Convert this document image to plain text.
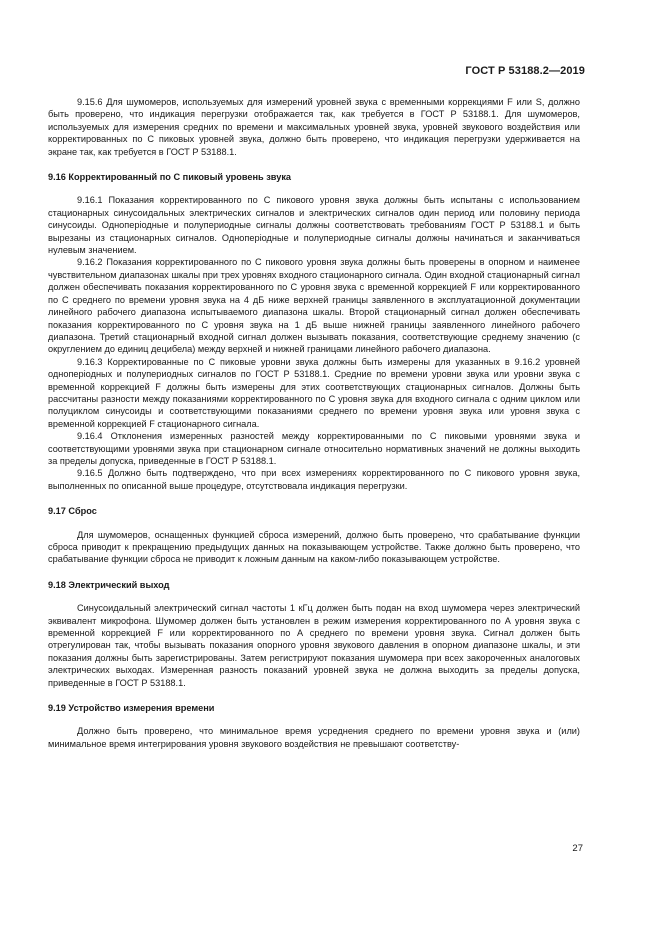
ГОСТ Р 53188.2—2019

9.15.6 Для шумомеров, используемых для измерений уровней звука с временными коррекциями F или S, должно быть проверено, что индикация перегрузки отображается так, как требуется в ГОСТ Р 53188.1. Для шумомеров, используемых для измерения средних по времени и максимальных уровней звука, уровней звукового воздействия или корректированных по С пиковых уровней звука, должно быть проверено, что индикация перегрузки удерживается на экране так, как требуется в ГОСТ Р 53188.1.

9.16 Корректированный по С пиковый уровень звука

9.16.1 Показания корректированного по С пикового уровня звука должны быть испытаны с использованием стационарных синусоидальных электрических сигналов и электрических сигналов один период или половину периода синусоиды. Одноперіодные и полупериодные сигналы должны соответствовать требованиям ГОСТ Р 53188.1 и быть вырезаны из стационарных сигналов. Одноперіодные и полупериодные сигналы должны начинаться и заканчиваться нулевым значением.

9.16.2 Показания корректированного по С пикового уровня звука должны быть проверены в опорном и наименее чувствительном диапазонах шкалы при трех уровнях входного стационарного сигнала. Один входной стационарный сигнал должен обеспечивать показания корректированного по С уровня звука с временной коррекцией F или корректированного по С среднего по времени уровня звука на 4 дБ ниже верхней границы заявленного в эксплуатационной документации линейного рабочего диапазона испытываемого диапазона шкалы. Второй стационарный сигнал должен обеспечивать показания корректированного по С уровня звука на 1 дБ выше нижней границы заявленного линейного рабочего диапазона. Третий стационарный входной сигнал должен вызывать показания, соответствующие среднему значению (с округлением до единиц децибела) между верхней и нижней границами линейного рабочего диапазона.

9.16.3 Корректированные по С пиковые уровни звука должны быть измерены для указанных в 9.16.2 уровней одноперіодных и полупериодных сигналов по ГОСТ Р 53188.1. Средние по времени уровни звука или уровни звука с временной коррекцией F должны быть измерены для этих соответствующих стационарных сигналов. Должны быть рассчитаны разности между показаниями корректированного по С уровня звука для входного сигнала с одним циклом или полуциклом синусоиды и соответствующими показаниями среднего по времени уровня звука или уровня звука с временной коррекцией F стационарного сигнала.

9.16.4 Отклонения измеренных разностей между корректированными по С пиковыми уровнями звука и соответствующими уровнями звука при стационарном сигнале относительно нормативных значений не должны выходить за пределы допуска, приведенные в ГОСТ Р 53188.1.

9.16.5 Должно быть подтверждено, что при всех измерениях корректированного по С пикового уровня звука, выполненных по описанной выше процедуре, отсутствовала индикация перегрузки.

9.17 Сброс

Для шумомеров, оснащенных функцией сброса измерений, должно быть проверено, что срабатывание функции сброса приводит к прекращению предыдущих данных на показывающем устройстве. Также должно быть проверено, что срабатывание функции сброса не приводит к ложным данным на каком-либо показывающем устройстве.

9.18 Электрический выход

Синусоидальный электрический сигнал частоты 1 кГц должен быть подан на вход шумомера через электрический эквивалент микрофона. Шумомер должен быть установлен в режим измерения корректированного по А уровня звука с временной коррекцией F или корректированного по А среднего по времени уровня звука. Сигнал должен быть отрегулирован так, чтобы вызывать показания опорного уровня звукового давления в опорном диапазоне шкалы, и эти показания должны быть зарегистрированы. Затем регистрируют показания шумомера при всех закороченных аналоговых электрических выходах. Измеренная разность показаний уровней звука не должна выходить за пределы допуска, приведенные в ГОСТ Р 53188.1.

9.19 Устройство измерения времени

Должно быть проверено, что минимальное время усреднения среднего по времени уровня звука и (или) минимальное время интегрирования уровня звукового воздействия не превышают соответству-

27
